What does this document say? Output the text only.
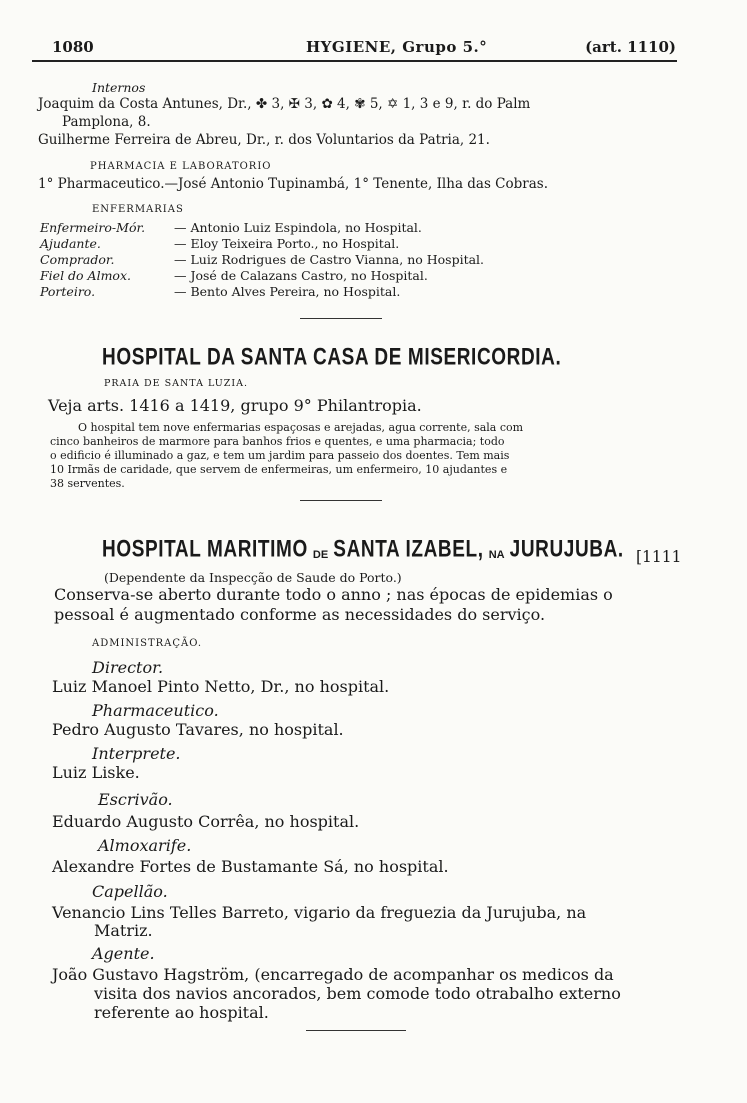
1080	HYGIENE, Grupo 5.°	(art. 1110)
Internos
Joaquim da Costa Antunes, Dr., ✤ 3, ✠ 3, ✿ 4, ✾ 5, ✡ 1, 3 e 9, r. do Palm
Pamplona, 8.
Guilherme Ferreira de Abreu, Dr., r. dos Voluntarios da Patria, 21.
PHARMACIA E LABORATORIO
1° Pharmaceutico.—José Antonio Tupinambá, 1° Tenente, Ilha das Cobras.
ENFERMARIAS
Enfermeiro-Mór. — Antonio Luiz Espindola, no Hospital.
Ajudante.	— Eloy Teixeira Porto., no Hospital.
Comprador.	— Luiz Rodrigues de Castro Vianna, no Hospital.
Fiel do Almox.	— José de Calazans Castro, no Hospital.
Porteiro.	— Bento Alves Pereira, no Hospital.
HOSPITAL DA SANTA CASA DE MISERICORDIA.
PRAIA DE SANTA LUZIA.
Veja arts. 1416 a 1419, grupo 9° Philantropia.
O hospital tem nove enfermarias espaçosas e arejadas, agua corrente, sala com
cinco banheiros de marmore para banhos frios e quentes, e uma pharmacia; todo
o edificio é illuminado a gaz, e tem um jardim para passeio dos doentes. Tem mais
10 Irmãs de caridade, que servem de enfermeiras, um enfermeiro, 10 ajudantes e
38 serventes.
HOSPITAL MARITIMO DE SANTA IZABEL, NA JURUJUBA. [1111
(Dependente da Inspecção de Saude do Porto.)
Conserva-se aberto durante todo o anno ; nas épocas de epidemias o
pessoal é augmentado conforme as necessidades do serviço.
ADMINISTRAÇÃO.
Director.
Luiz Manoel Pinto Netto, Dr., no hospital.
Pharmaceutico.
Pedro Augusto Tavares, no hospital.
Interprete.
Luiz Liske.
Escrivão.
Eduardo Augusto Corrêa, no hospital.
Almoxarife.
Alexandre Fortes de Bustamante Sá, no hospital.
Capellão.
Venancio Lins Telles Barreto, vigario da freguezia da Jurujuba, na
Matriz.
Agente.
João Gustavo Hagström, (encarregado de acompanhar os medicos da
visita dos navios ancorados, bem comode todo otrabalho externo
referente ao hospital.
